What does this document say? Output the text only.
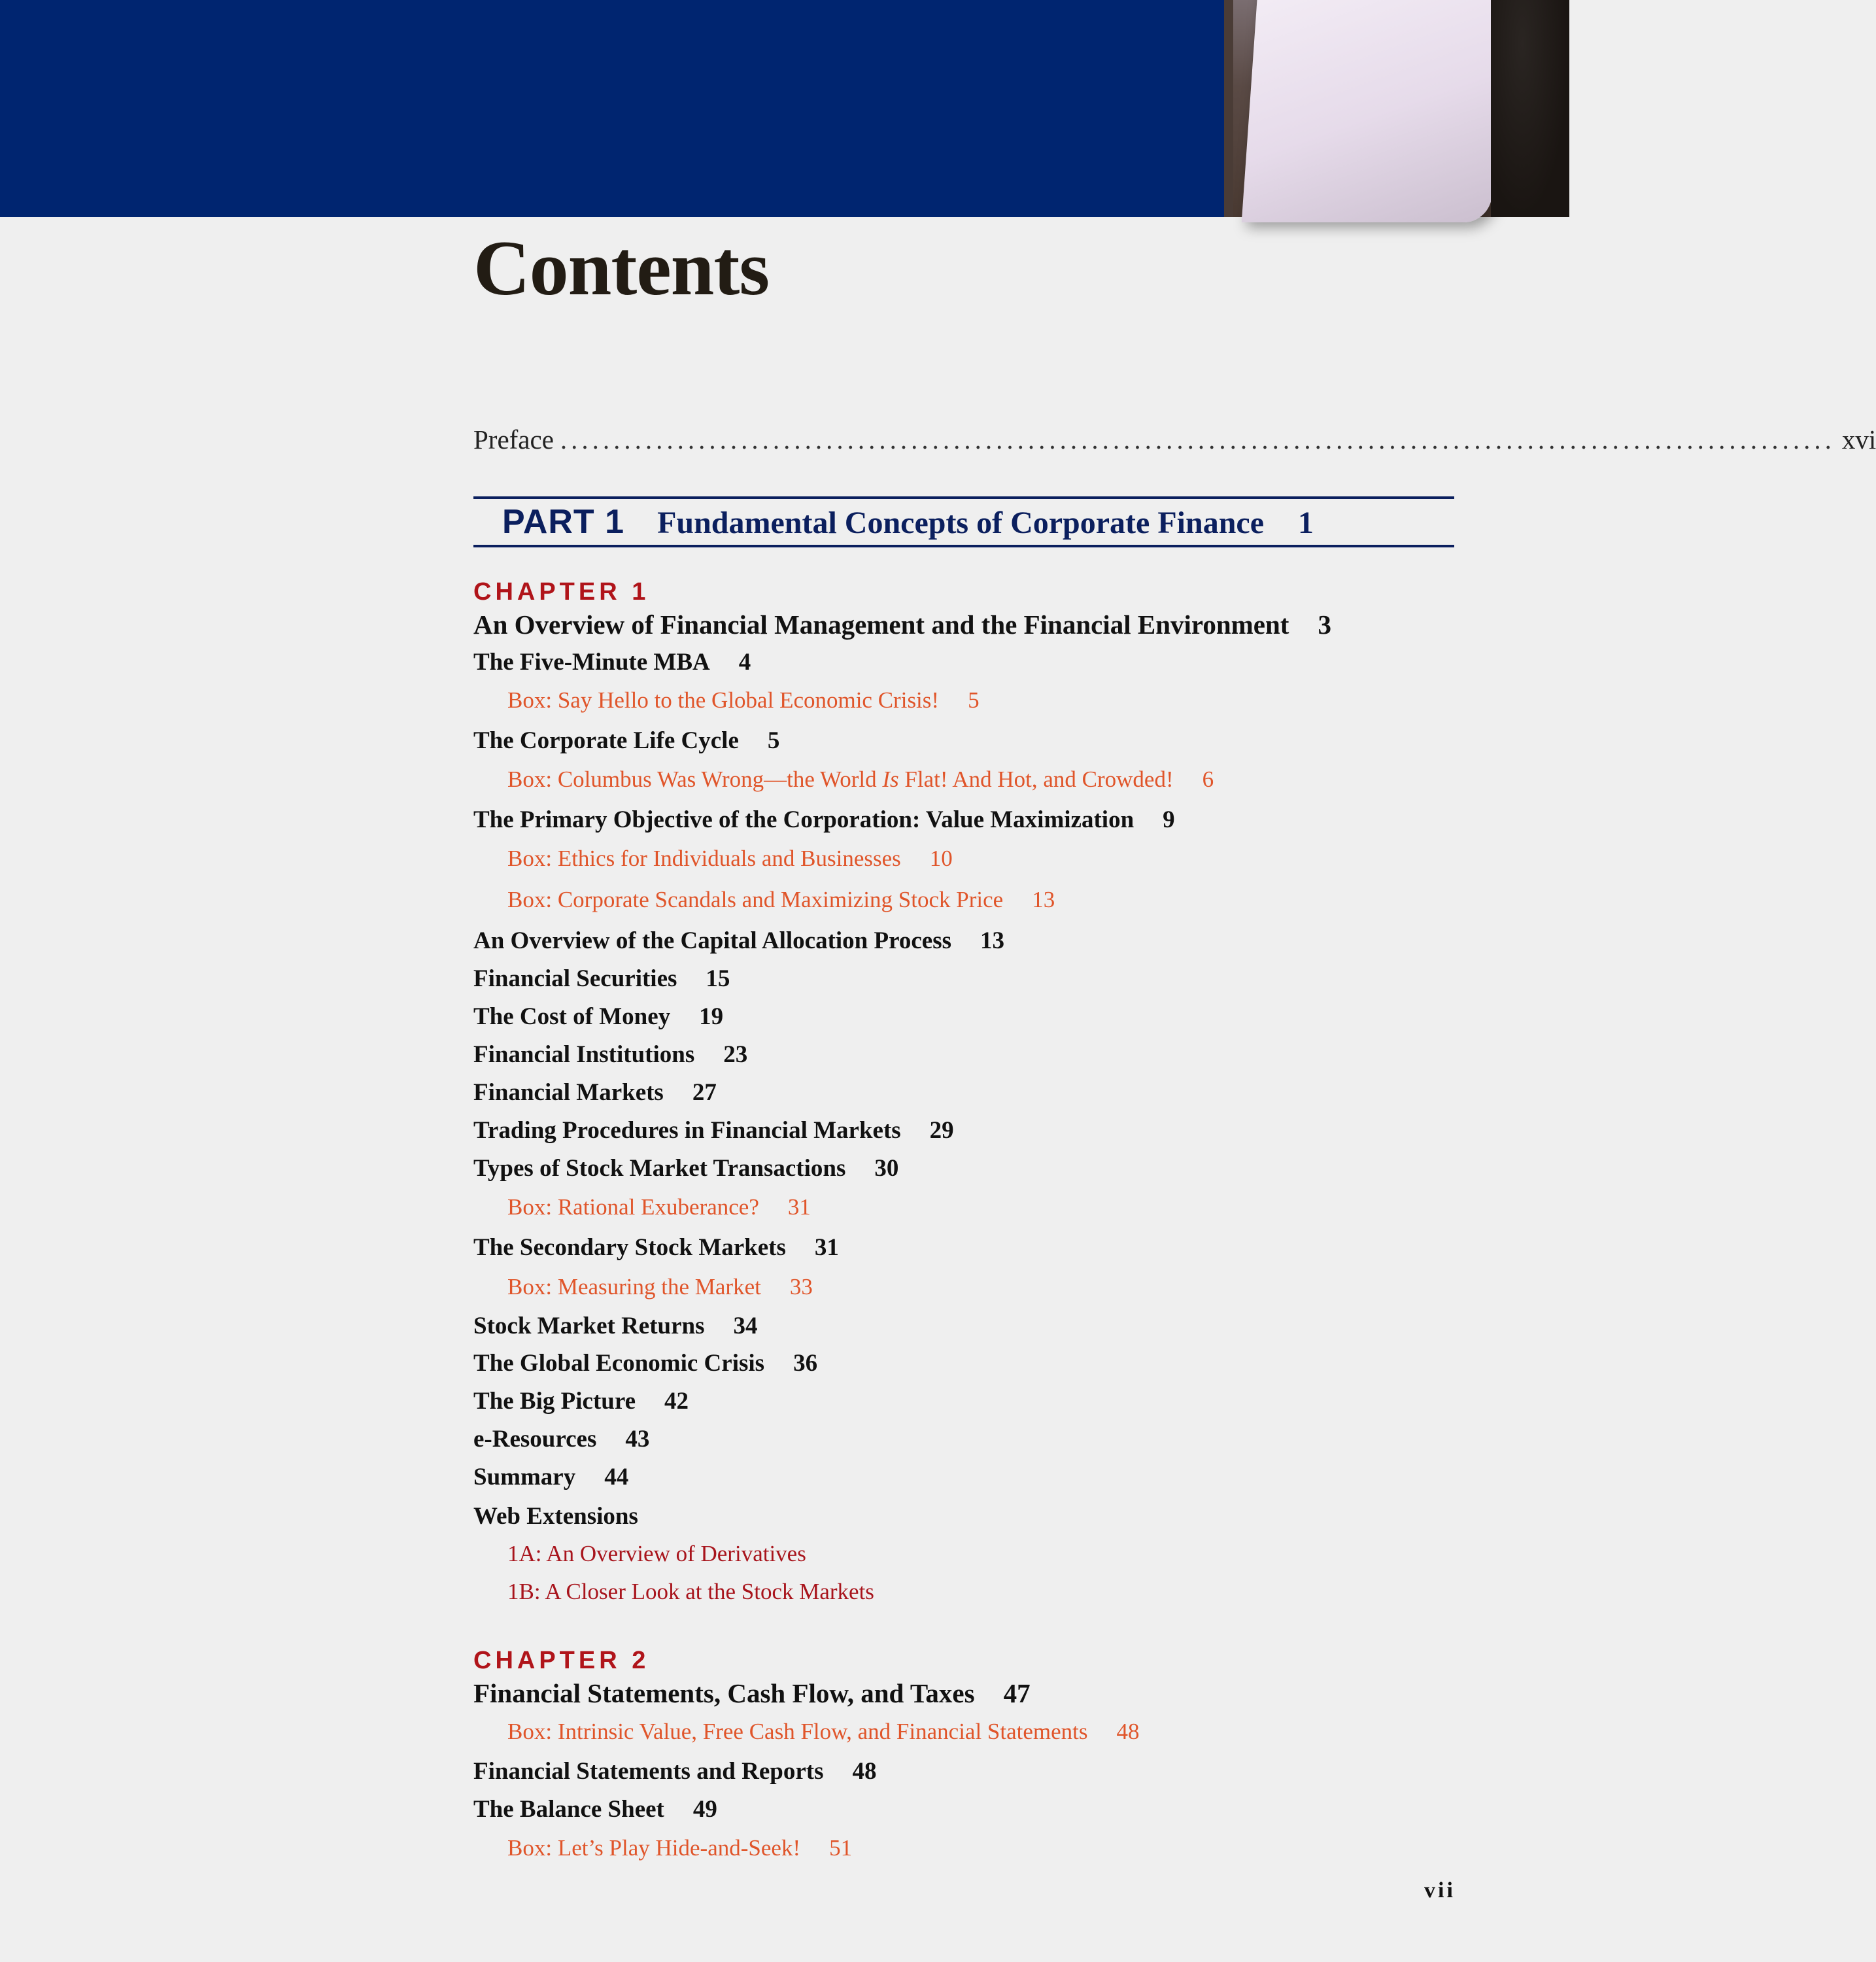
Contents
Preface ........................................................................................................................ xvi
PART 1 Fundamental Concepts of Corporate Finance 1
CHAPTER 1
An Overview of Financial Management and the Financial Environment 3
The Five-Minute MBA 4
Box: Say Hello to the Global Economic Crisis! 5
The Corporate Life Cycle 5
Box: Columbus Was Wrong—the World Is Flat! And Hot, and Crowded! 6
The Primary Objective of the Corporation: Value Maximization 9
Box: Ethics for Individuals and Businesses 10
Box: Corporate Scandals and Maximizing Stock Price 13
An Overview of the Capital Allocation Process 13
Financial Securities 15
The Cost of Money 19
Financial Institutions 23
Financial Markets 27
Trading Procedures in Financial Markets 29
Types of Stock Market Transactions 30
Box: Rational Exuberance? 31
The Secondary Stock Markets 31
Box: Measuring the Market 33
Stock Market Returns 34
The Global Economic Crisis 36
The Big Picture 42
e-Resources 43
Summary 44
Web Extensions
1A: An Overview of Derivatives
1B: A Closer Look at the Stock Markets
CHAPTER 2
Financial Statements, Cash Flow, and Taxes 47
Box: Intrinsic Value, Free Cash Flow, and Financial Statements 48
Financial Statements and Reports 48
The Balance Sheet 49
Box: Let’s Play Hide-and-Seek! 51
vii
